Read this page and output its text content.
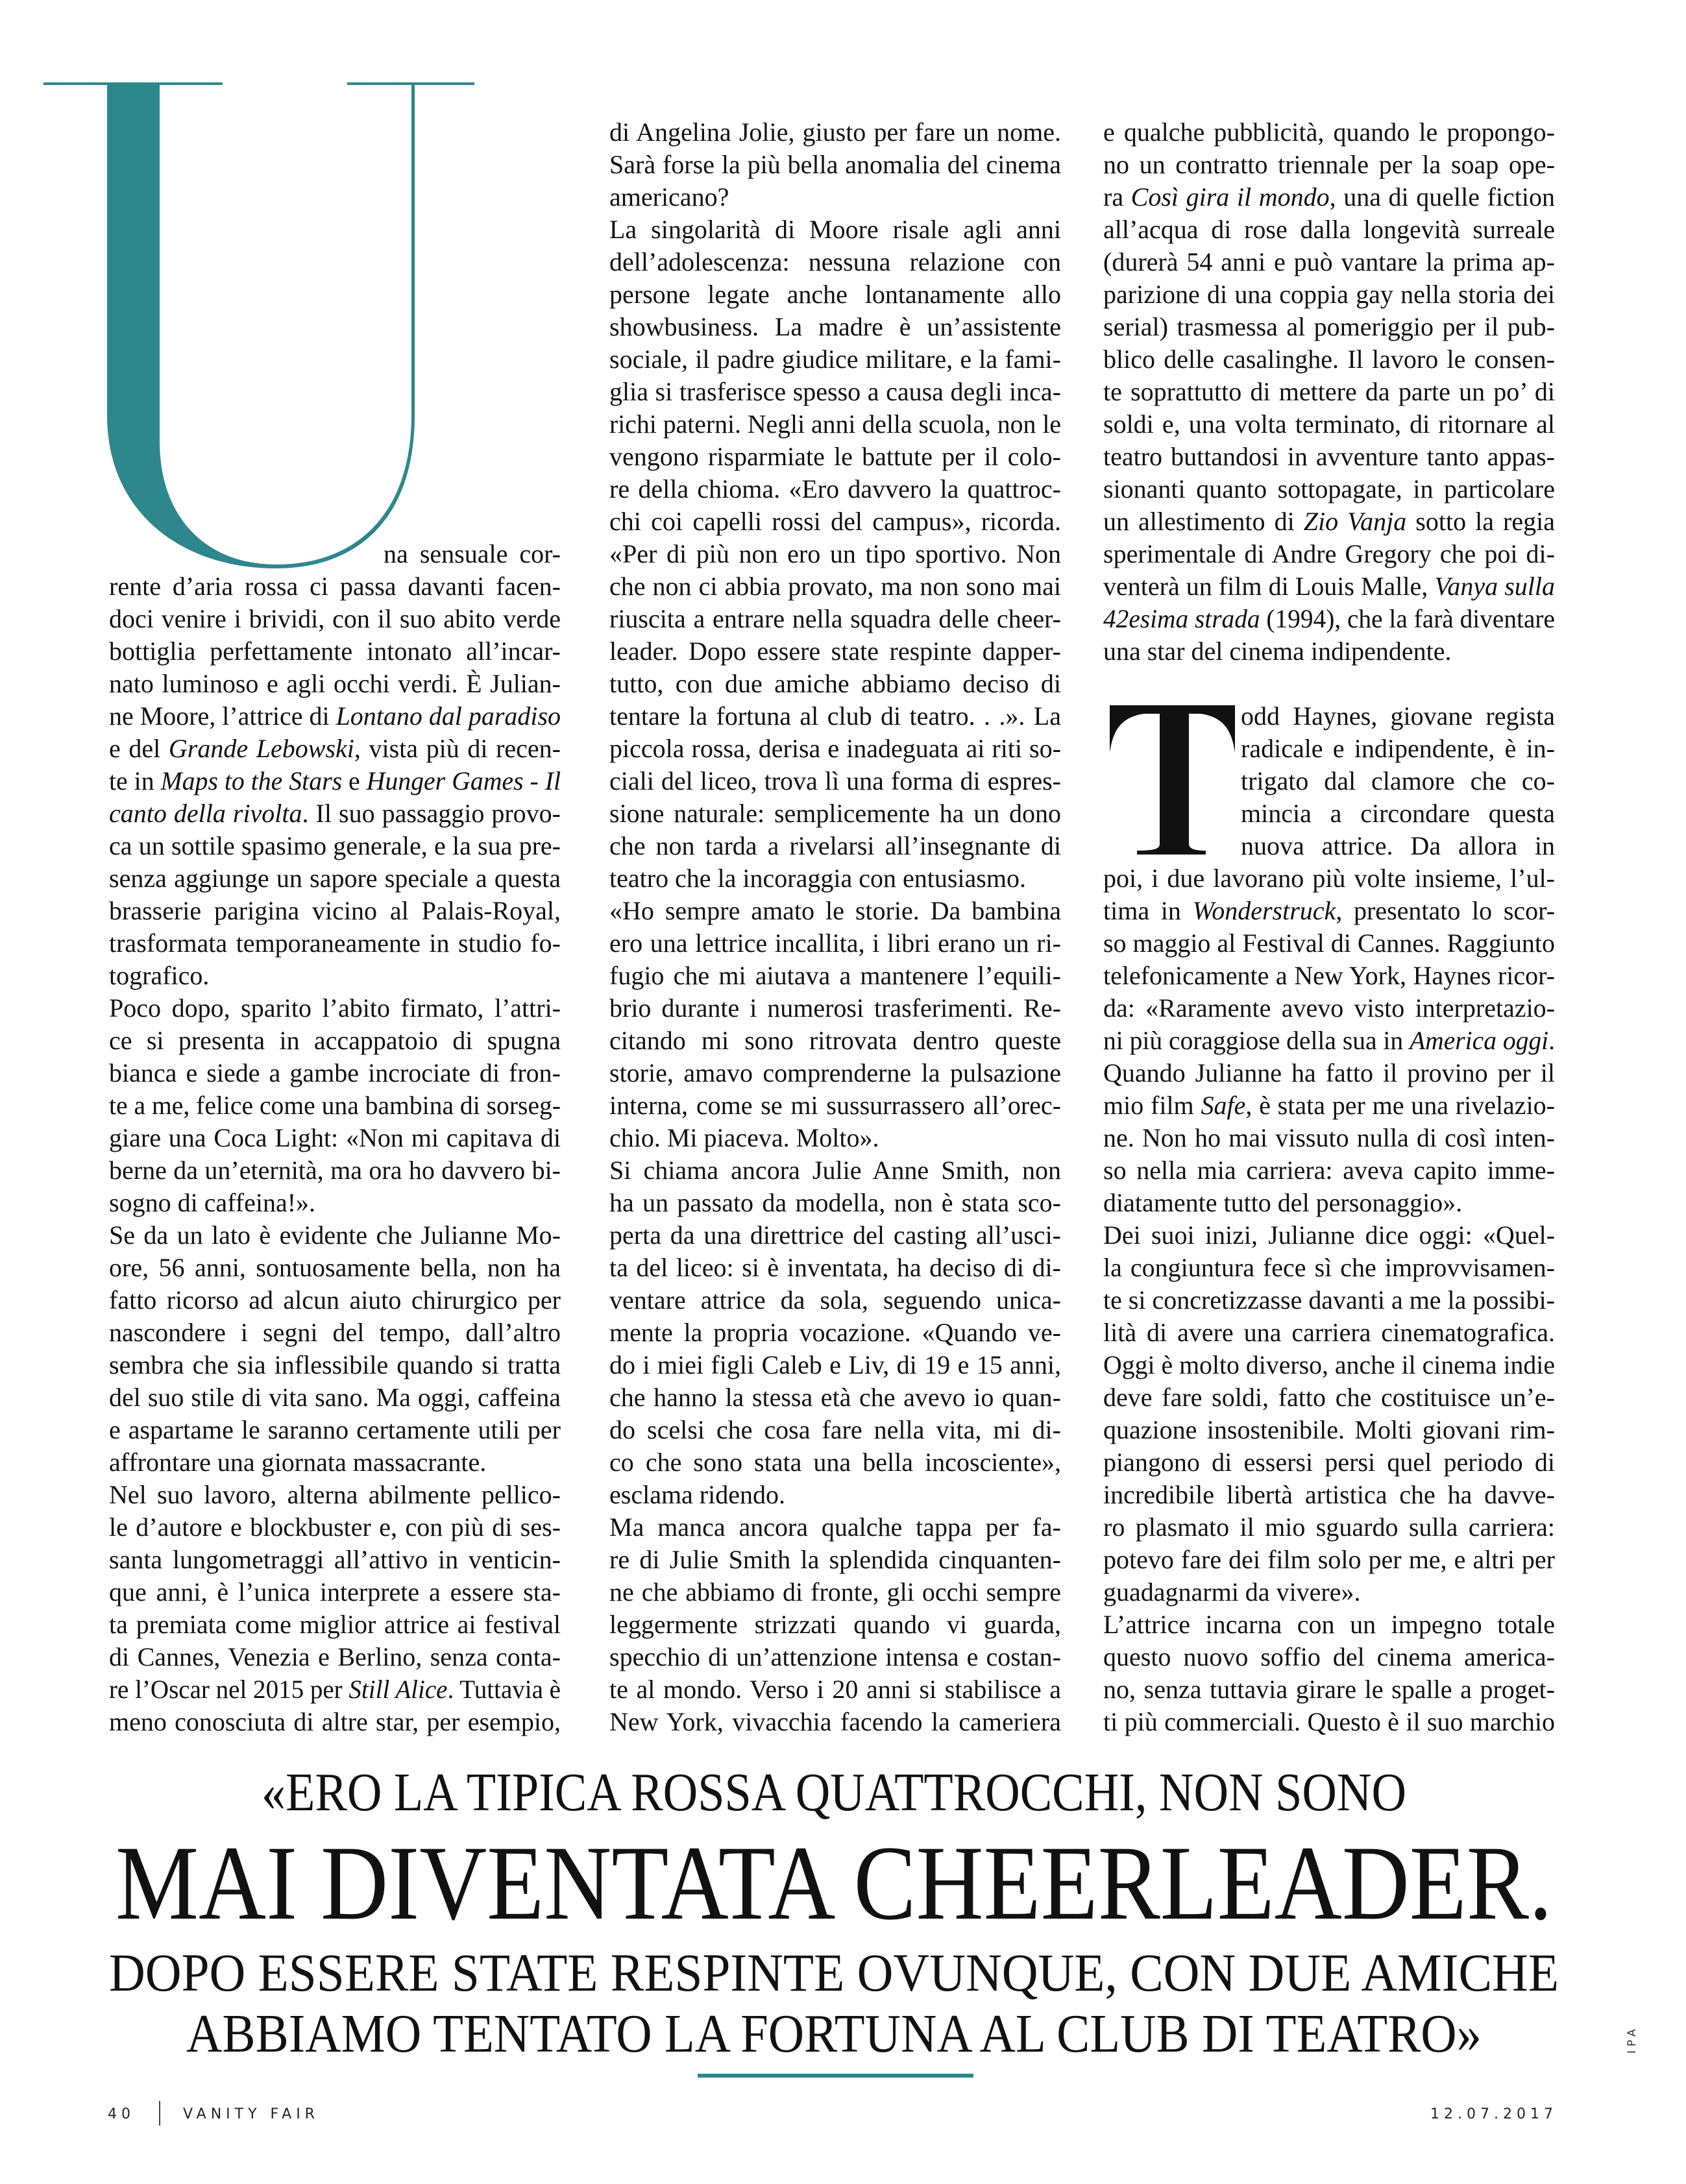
na sensuale cor-
rente d’aria rossa ci passa davanti facen-
doci venire i brividi, con il suo abito verde
bottiglia perfettamente intonato all’incar-
nato luminoso e agli occhi verdi. È Julian-
ne Moore, l’attrice di Lontano dal paradiso
e del Grande Lebowski, vista più di recen-
te in Maps to the Stars e Hunger Games - Il
canto della rivolta. Il suo passaggio provo-
ca un sottile spasimo generale, e la sua pre-
senza aggiunge un sapore speciale a questa
brasserie parigina vicino al Palais-Royal,
trasformata temporaneamente in studio fo-
tografico.
Poco dopo, sparito l’abito firmato, l’attri-
ce si presenta in accappatoio di spugna
bianca e siede a gambe incrociate di fron-
te a me, felice come una bambina di sorseg-
giare una Coca Light: «Non mi capitava di
berne da un’eternità, ma ora ho davvero bi-
sogno di caffeina!».
Se da un lato è evidente che Julianne Mo-
ore, 56 anni, sontuosamente bella, non ha
fatto ricorso ad alcun aiuto chirurgico per
nascondere i segni del tempo, dall’altro
sembra che sia inflessibile quando si tratta
del suo stile di vita sano. Ma oggi, caffeina
e aspartame le saranno certamente utili per
affrontare una giornata massacrante.
Nel suo lavoro, alterna abilmente pellico-
le d’autore e blockbuster e, con più di ses-
santa lungometraggi all’attivo in venticin-
que anni, è l’unica interprete a essere sta-
ta premiata come miglior attrice ai festival
di Cannes, Venezia e Berlino, senza conta-
re l’Oscar nel 2015 per Still Alice. Tuttavia è
meno conosciuta di altre star, per esempio,
di Angelina Jolie, giusto per fare un nome.
Sarà forse la più bella anomalia del cinema
americano?
La singolarità di Moore risale agli anni
dell’adolescenza: nessuna relazione con
persone legate anche lontanamente allo
showbusiness. La madre è un’assistente
sociale, il padre giudice militare, e la fami-
glia si trasferisce spesso a causa degli inca-
richi paterni. Negli anni della scuola, non le
vengono risparmiate le battute per il colo-
re della chioma. «Ero davvero la quattroc-
chi coi capelli rossi del campus», ricorda.
«Per di più non ero un tipo sportivo. Non
che non ci abbia provato, ma non sono mai
riuscita a entrare nella squadra delle cheer-
leader. Dopo essere state respinte dapper-
tutto, con due amiche abbiamo deciso di
tentare la fortuna al club di teatro. . .». La
piccola rossa, derisa e inadeguata ai riti so-
ciali del liceo, trova lì una forma di espres-
sione naturale: semplicemente ha un dono
che non tarda a rivelarsi all’insegnante di
teatro che la incoraggia con entusiasmo.
«Ho sempre amato le storie. Da bambina
ero una lettrice incallita, i libri erano un ri-
fugio che mi aiutava a mantenere l’equili-
brio durante i numerosi trasferimenti. Re-
citando mi sono ritrovata dentro queste
storie, amavo comprenderne la pulsazione
interna, come se mi sussurrassero all’orec-
chio. Mi piaceva. Molto».
Si chiama ancora Julie Anne Smith, non
ha un passato da modella, non è stata sco-
perta da una direttrice del casting all’usci-
ta del liceo: si è inventata, ha deciso di di-
ventare attrice da sola, seguendo unica-
mente la propria vocazione. «Quando ve-
do i miei figli Caleb e Liv, di 19 e 15 anni,
che hanno la stessa età che avevo io quan-
do scelsi che cosa fare nella vita, mi di-
co che sono stata una bella incosciente»,
esclama ridendo.
Ma manca ancora qualche tappa per fa-
re di Julie Smith la splendida cinquanten-
ne che abbiamo di fronte, gli occhi sempre
leggermente strizzati quando vi guarda,
specchio di un’attenzione intensa e costan-
te al mondo. Verso i 20 anni si stabilisce a
New York, vivacchia facendo la cameriera
e qualche pubblicità, quando le propongo-
no un contratto triennale per la soap ope-
ra Così gira il mondo, una di quelle fiction
all’acqua di rose dalla longevità surreale
(durerà 54 anni e può vantare la prima ap-
parizione di una coppia gay nella storia dei
serial) trasmessa al pomeriggio per il pub-
blico delle casalinghe. Il lavoro le consen-
te soprattutto di mettere da parte un po’ di
soldi e, una volta terminato, di ritornare al
teatro buttandosi in avventure tanto appas-
sionanti quanto sottopagate, in particolare
un allestimento di Zio Vanja sotto la regia
sperimentale di Andre Gregory che poi di-
venterà un film di Louis Malle, Vanya sulla
42esima strada (1994), che la farà diventare
una star del cinema indipendente.
odd Haynes, giovane regista
radicale e indipendente, è in-
trigato dal clamore che co-
mincia a circondare questa
nuova attrice. Da allora in
poi, i due lavorano più volte insieme, l’ul-
tima in Wonderstruck, presentato lo scor-
so maggio al Festival di Cannes. Raggiunto
telefonicamente a New York, Haynes ricor-
da: «Raramente avevo visto interpretazio-
ni più coraggiose della sua in America oggi.
Quando Julianne ha fatto il provino per il
mio film Safe, è stata per me una rivelazio-
ne. Non ho mai vissuto nulla di così inten-
so nella mia carriera: aveva capito imme-
diatamente tutto del personaggio».
Dei suoi inizi, Julianne dice oggi: «Quel-
la congiuntura fece sì che improvvisamen-
te si concretizzasse davanti a me la possibi-
lità di avere una carriera cinematografica.
Oggi è molto diverso, anche il cinema indie
deve fare soldi, fatto che costituisce un’e-
quazione insostenibile. Molti giovani rim-
piangono di essersi persi quel periodo di
incredibile libertà artistica che ha davve-
ro plasmato il mio sguardo sulla carriera:
potevo fare dei film solo per me, e altri per
guadagnarmi da vivere».
L’attrice incarna con un impegno totale
questo nuovo soffio del cinema america-
no, senza tuttavia girare le spalle a proget-
ti più commerciali. Questo è il suo marchio
«ERO LA TIPICA ROSSA QUATTROCCHI, NON SONO
MAI DIVENTATA CHEERLEADER.
DOPO ESSERE STATE RESPINTE OVUNQUE, CON DUE AMICHE
ABBIAMO TENTATO LA FORTUNA AL CLUB DI TEATRO»
40	VANITY FAIR	12.07.2017
IPA
